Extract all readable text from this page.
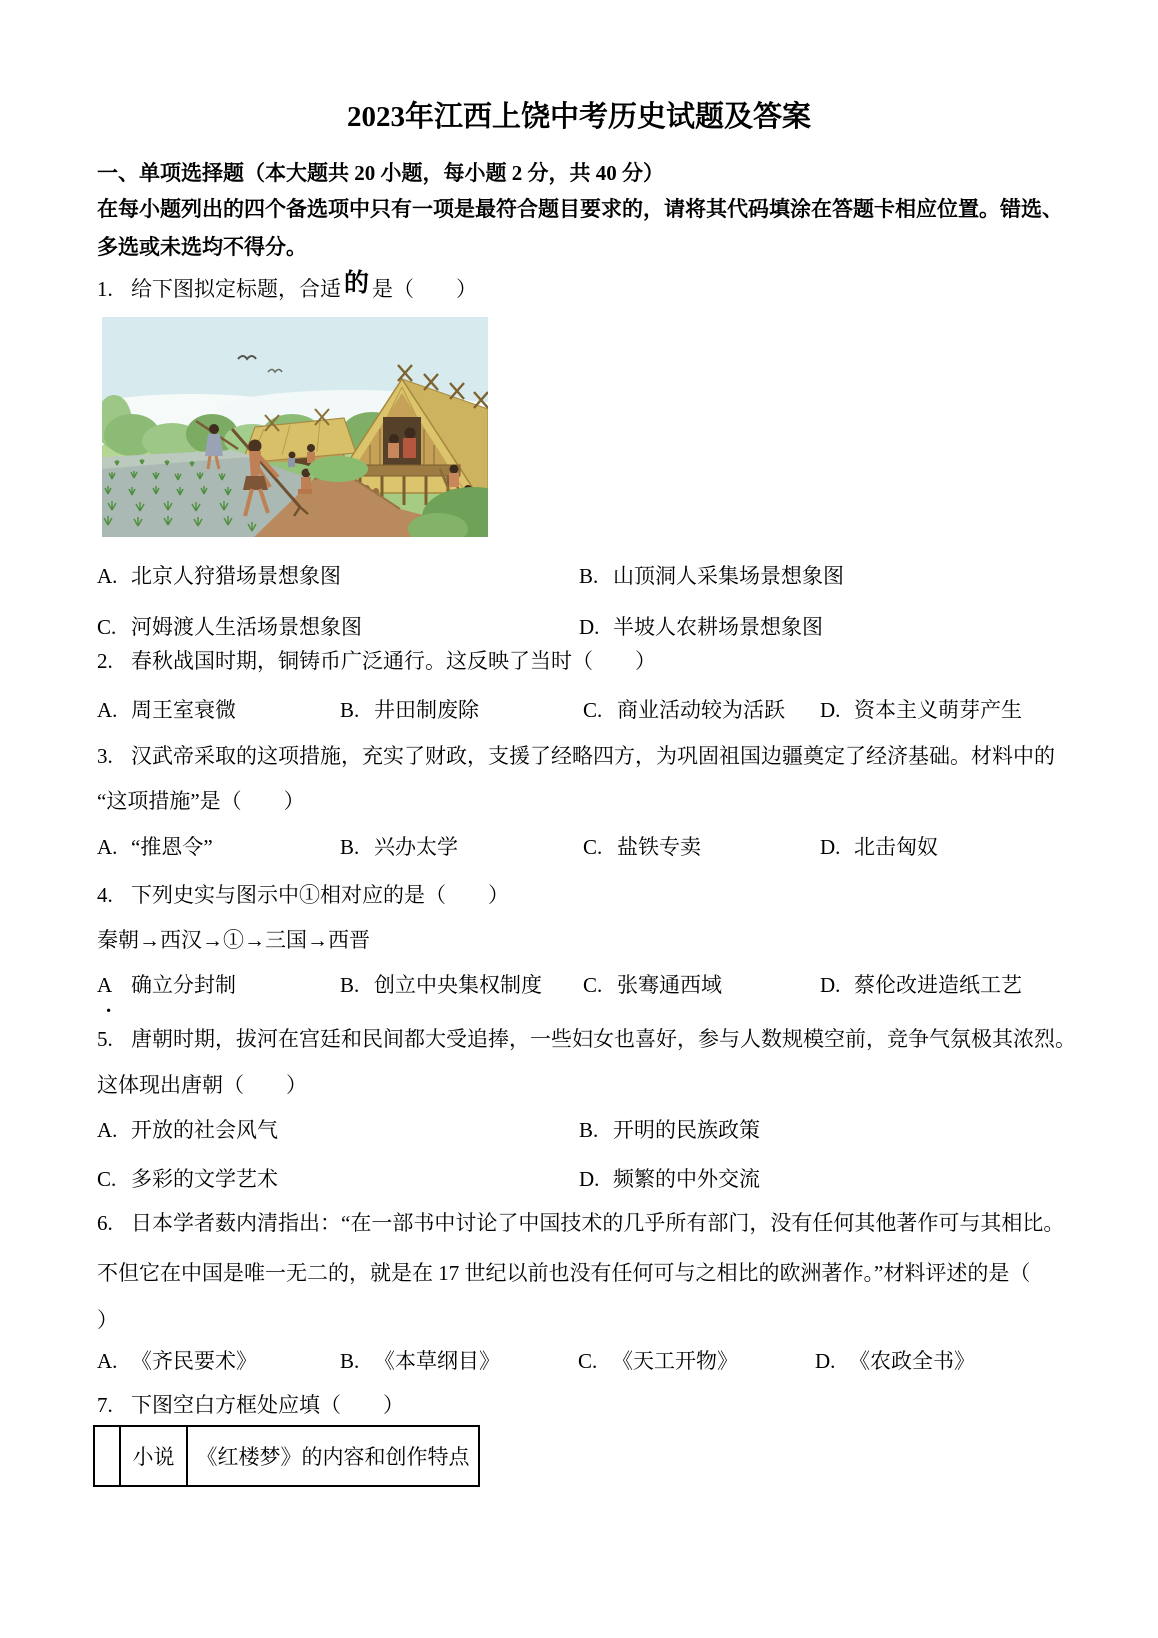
2023年江西上饶中考历史试题及答案
一、单项选择题（本大题共 20 小题，每小题 2 分，共 40 分）
在每小题列出的四个备选项中只有一项是最符合题目要求的，请将其代码填涂在答题卡相应位置。错选、
多选或未选均不得分。
1. 给下图拟定标题，合适 的 是（　　）
A. 北京人狩猎场景想象图	B. 山顶洞人采集场景想象图
C. 河姆渡人生活场景想象图	D. 半坡人农耕场景想象图
2. 春秋战国时期，铜铸币广泛通行。这反映了当时（　　）
A. 周王室衰微	B. 井田制废除	C. 商业活动较为活跃 D. 资本主义萌芽产生
3. 汉武帝采取的这项措施，充实了财政，支援了经略四方，为巩固祖国边疆奠定了经济基础。材料中的
“这项措施”是（　　）
A. “推恩令”	B. 兴办太学	C. 盐铁专卖	D. 北击匈奴
4. 下列史实与图示中①相对应的是（　　）
秦朝→西汉→①→三国→西晋
A 确立分封制	B. 创立中央集权制度 C. 张骞通西域	D. 蔡伦改进造纸工艺
.
5. 唐朝时期，拔河在宫廷和民间都大受追捧，一些妇女也喜好，参与人数规模空前，竞争气氛极其浓烈。
这体现出唐朝（　　）
A. 开放的社会风气	B. 开明的民族政策
C. 多彩的文学艺术	D. 频繁的中外交流
6. 日本学者薮内清指出：“在一部书中讨论了中国技术的几乎所有部门，没有任何其他著作可与其相比。
不但它在中国是唯一无二的，就是在 17 世纪以前也没有任何可与之相比的欧洲著作。”材料评述的是（
）
A. 《齐民要术》	B. 《本草纲目》	C. 《天工开物》	D. 《农政全书》
7. 下图空白方框处应填（　　）
	小说	《红楼梦》的内容和创作特点
